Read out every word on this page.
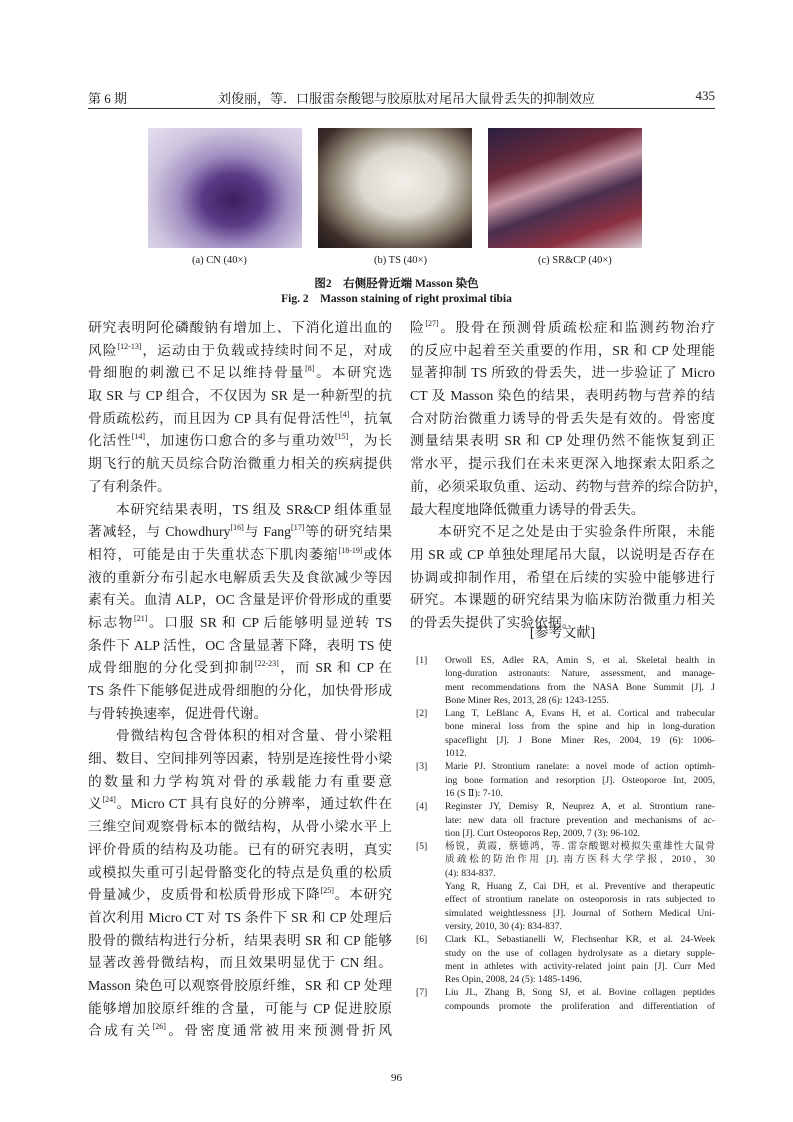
第 6 期	刘俊丽，等．口服雷奈酸锶与胶原肽对尾吊大鼠骨丢失的抑制效应	435
(a) CN (40×)	(b) TS (40×)	(c) SR&CP (40×)
图2　右侧胫骨近端 Masson 染色
Fig. 2　Masson staining of right proximal tibia
研究表明阿伦磷酸钠有增加上、下消化道出血的
风险[12-13]，运动由于负载或持续时间不足，对成
骨细胞的刺激已不足以维持骨量[8]。本研究选
取 SR 与 CP 组合，不仅因为 SR 是一种新型的抗
骨质疏松药，而且因为 CP 具有促骨活性[4]，抗氧
化活性[14]，加速伤口愈合的多与重功效[15]，为长
期飞行的航天员综合防治微重力相关的疾病提供
了有利条件。
本研究结果表明，TS 组及 SR&CP 组体重显
著减轻，与 Chowdhury[16]与 Fang[17]等的研究结果
相符，可能是由于失重状态下肌肉萎缩[18-19]或体
液的重新分布引起水电解质丢失及食欲减少等因
素有关。血清 ALP，OC 含量是评价骨形成的重要
标志物[21]。口服 SR 和 CP 后能够明显逆转 TS
条件下 ALP 活性，OC 含量显著下降，表明 TS 使
成骨细胞的分化受到抑制[22-23]，而 SR 和 CP 在
TS 条件下能够促进成骨细胞的分化，加快骨形成
与骨转换速率，促进骨代谢。
骨微结构包含骨体积的相对含量、骨小梁粗
细、数目、空间排列等因素，特别是连接性骨小梁
的数量和力学构筑对骨的承载能力有重要意
义[24]。Micro CT 具有良好的分辨率，通过软件在
三维空间观察骨标本的微结构，从骨小梁水平上
评价骨质的结构及功能。已有的研究表明，真实
或模拟失重可引起骨骼变化的特点是负重的松质
骨量减少，皮质骨和松质骨形成下降[25]。本研究
首次利用 Micro CT 对 TS 条件下 SR 和 CP 处理后
股骨的微结构进行分析，结果表明 SR 和 CP 能够
显著改善骨微结构，而且效果明显优于 CN 组。
Masson 染色可以观察骨胶原纤维，SR 和 CP 处理
能够增加胶原纤维的含量，可能与 CP 促进胶原
合成有关[26]。骨密度通常被用来预测骨折风
险[27]。股骨在预测骨质疏松症和监测药物治疗
的反应中起着至关重要的作用，SR 和 CP 处理能
显著抑制 TS 所致的骨丢失，进一步验证了 Micro
CT 及 Masson 染色的结果，表明药物与营养的结
合对防治微重力诱导的骨丢失是有效的。骨密度
测量结果表明 SR 和 CP 处理仍然不能恢复到正
常水平，提示我们在未来更深入地探索太阳系之
前，必须采取负重、运动、药物与营养的综合防护，
最大程度地降低微重力诱导的骨丢失。
本研究不足之处是由于实验条件所限，未能
用 SR 或 CP 单独处理尾吊大鼠，以说明是否存在
协调或抑制作用，希望在后续的实验中能够进行
研究。本课题的研究结果为临床防治微重力相关
的骨丢失提供了实验依据。
[参考文献]
[1] Orwoll ES, Adler RA, Amin S, et al. Skeletal health in
long-duration astronauts: Nature, assessment, and manage-
ment recommendations from the NASA Bone Summit [J]. J
Bone Miner Res, 2013, 28 (6): 1243-1255.
[2] Lang T, LeBlanc A, Evans H, et al. Cortical and trabecular
bone mineral loss from the spine and hip in long-duration
spaceflight [J]. J Bone Miner Res, 2004, 19 (6): 1006-
1012.
[3] Marie PJ. Strontium ranelate: a novel mode of action optimh-
ing bone formation and resorption [J]. Osteoporoe Int, 2005,
16 (S Ⅱ): 7-10.
[4] Reginster JY, Demisy R, Neuprez A, et al. Strontium rane-
late: new data oll fracture prevention and mechanisms of ac-
tion [J]. Curt Osteoporos Rep, 2009, 7 (3): 96-102.
[5] 杨锐，黄霞，蔡德鸿，等. 雷奈酸锶对模拟失重雄性大鼠骨
质疏松的防治作用 [J]. 南方医科大学学报，2010，30
(4): 834-837.
Yang R, Huang Z, Cai DH, et al. Preventive and therapeutic
effect of strontium ranelate on osteoporosis in rats subjected to
simulated weightlessness [J]. Journal of Sothern Medical Uni-
versity, 2010, 30 (4): 834-837.
[6] Clark KL, Sebastianelli W, Flechsenhar KR, et al. 24-Week
study on the use of collagen hydrolysate as a dietary supple-
ment in athletes with activity-related joint pain [J]. Curr Med
Res Opin, 2008, 24 (5): 1485-1496.
[7] Liu JL, Zhang B, Song SJ, et al. Bovine collagen peptides
compounds promote the proliferation and differentiation of
96
